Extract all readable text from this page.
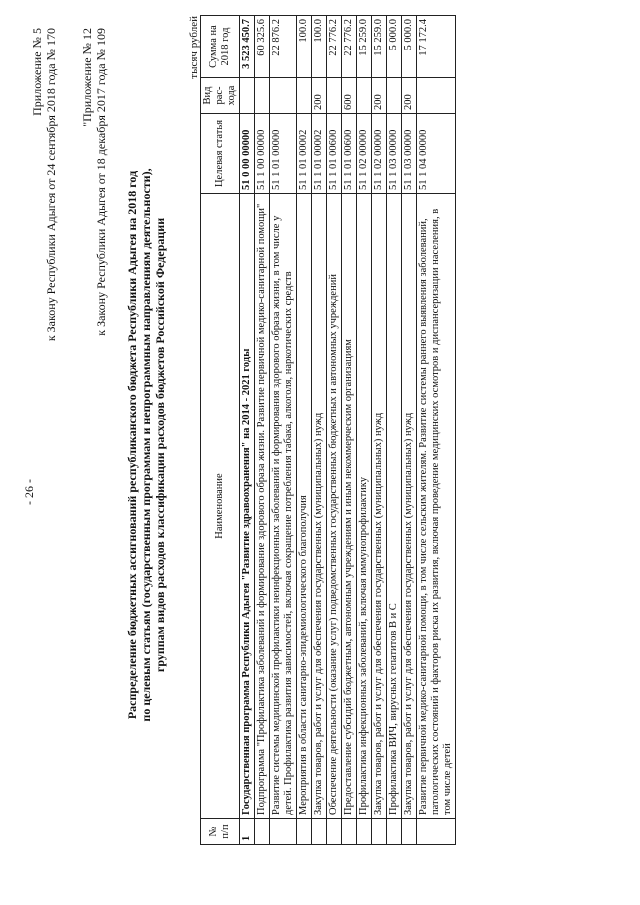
- 26 -
Приложение № 5 к Закону Республики Адыгея от 24 сентября 2018 года № 170 "Приложение № 12 к Закону Республики Адыгея от 18 декабря 2017 года № 109 Распределение бюджетных ассигнований республиканского бюджета Республики Адыгея на 2018 год по целевым статьям (государственным программам и непрограммным направлениям деятельности), группам видов расходов классификации расходов бюджетов Российской Федерации
тысяч рублей
№ п/п	Наименование	Целевая статья	Вид рас- хода	Сумма на 2018 год
1	Государственная программа Республики Адыгея "Развитие здравоохранения" на 2014 - 2021 годы	51 0 00 00000		3 523 450.7
	Подпрограмма "Профилактика заболеваний и формирование здорового образа жизни. Развитие первичной медико-санитарной помощи"	51 1 00 00000		60 325.6
	Развитие системы медицинской профилактики неинфекционных заболеваний и формирования здорового образа жизни, в том числе у детей. Профилактика развития зависимостей, включая сокращение потребления табака, алкоголя, наркотических средств	51 1 01 00000		22 876.2
	Мероприятия в области санитарно-эпидемиологического благополучия	51 1 01 00002		100.0
	Закупка товаров, работ и услуг для обеспечения государственных (муниципальных) нужд	51 1 01 00002	200	100.0
	Обеспечение деятельности (оказание услуг) подведомственных государственных бюджетных и автономных учреждений	51 1 01 00600		22 776.2
	Предоставление субсидий бюджетным, автономным учреждениям и иным некоммерческим организациям	51 1 01 00600	600	22 776.2
	Профилактика инфекционных заболеваний, включая иммунопрофилактику	51 1 02 00000		15 259.0
	Закупка товаров, работ и услуг для обеспечения государственных (муниципальных) нужд	51 1 02 00000	200	15 259.0
	Профилактика ВИЧ, вирусных гепатитов В и С	51 1 03 00000		5 000.0
	Закупка товаров, работ и услуг для обеспечения государственных (муниципальных) нужд	51 1 03 00000	200	5 000.0
	Развитие первичной медико-санитарной помощи, в том числе сельским жителям. Развитие системы раннего выявления заболеваний, патологических состояний и факторов риска их развития, включая проведение медицинских осмотров и диспансеризации населения, в том числе детей	51 1 04 00000		17 172.4
